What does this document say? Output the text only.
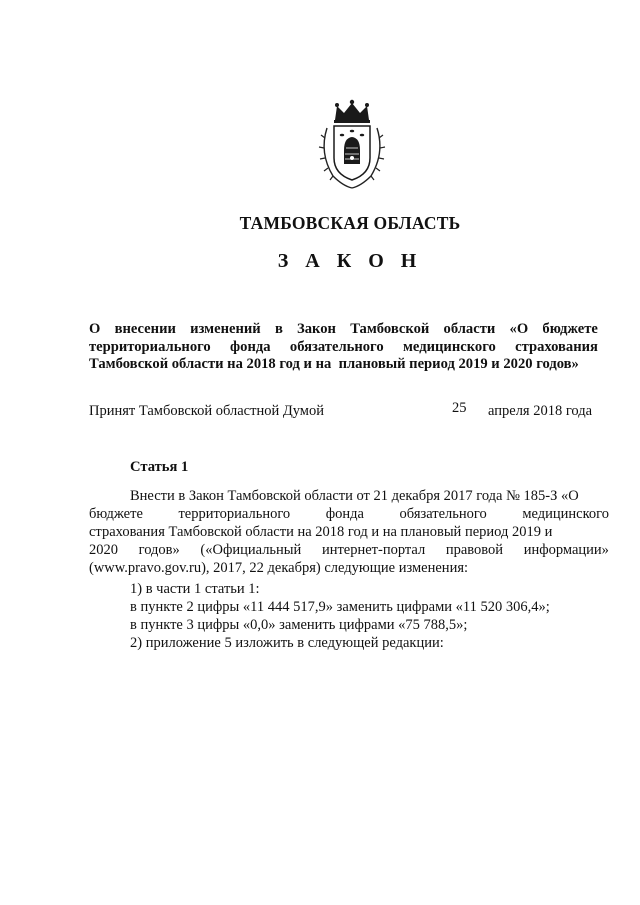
ТАМБОВСКАЯ ОБЛАСТЬ
З А К О Н
О внесении изменений в Закон Тамбовской области «О бюджете
территориального фонда обязательного медицинского страхования
Тамбовской области на 2018 год и на  плановый период 2019 и 2020 годов»
Принят Тамбовской областной Думой	25 апреля 2018 года
Статья 1
Внести в Закон Тамбовской области от 21 декабря 2017 года № 185-З «О
бюджете территориального фонда обязательного медицинского
страхования Тамбовской области на 2018 год и на плановый период 2019 и
2020 годов» («Официальный интернет-портал правовой информации»
(www.pravo.gov.ru), 2017, 22 декабря) следующие изменения:
1) в части 1 статьи 1:
в пункте 2 цифры «11 444 517,9» заменить цифрами «11 520 306,4»;
в пункте 3 цифры «0,0» заменить цифрами «75 788,5»;
2) приложение 5 изложить в следующей редакции:
